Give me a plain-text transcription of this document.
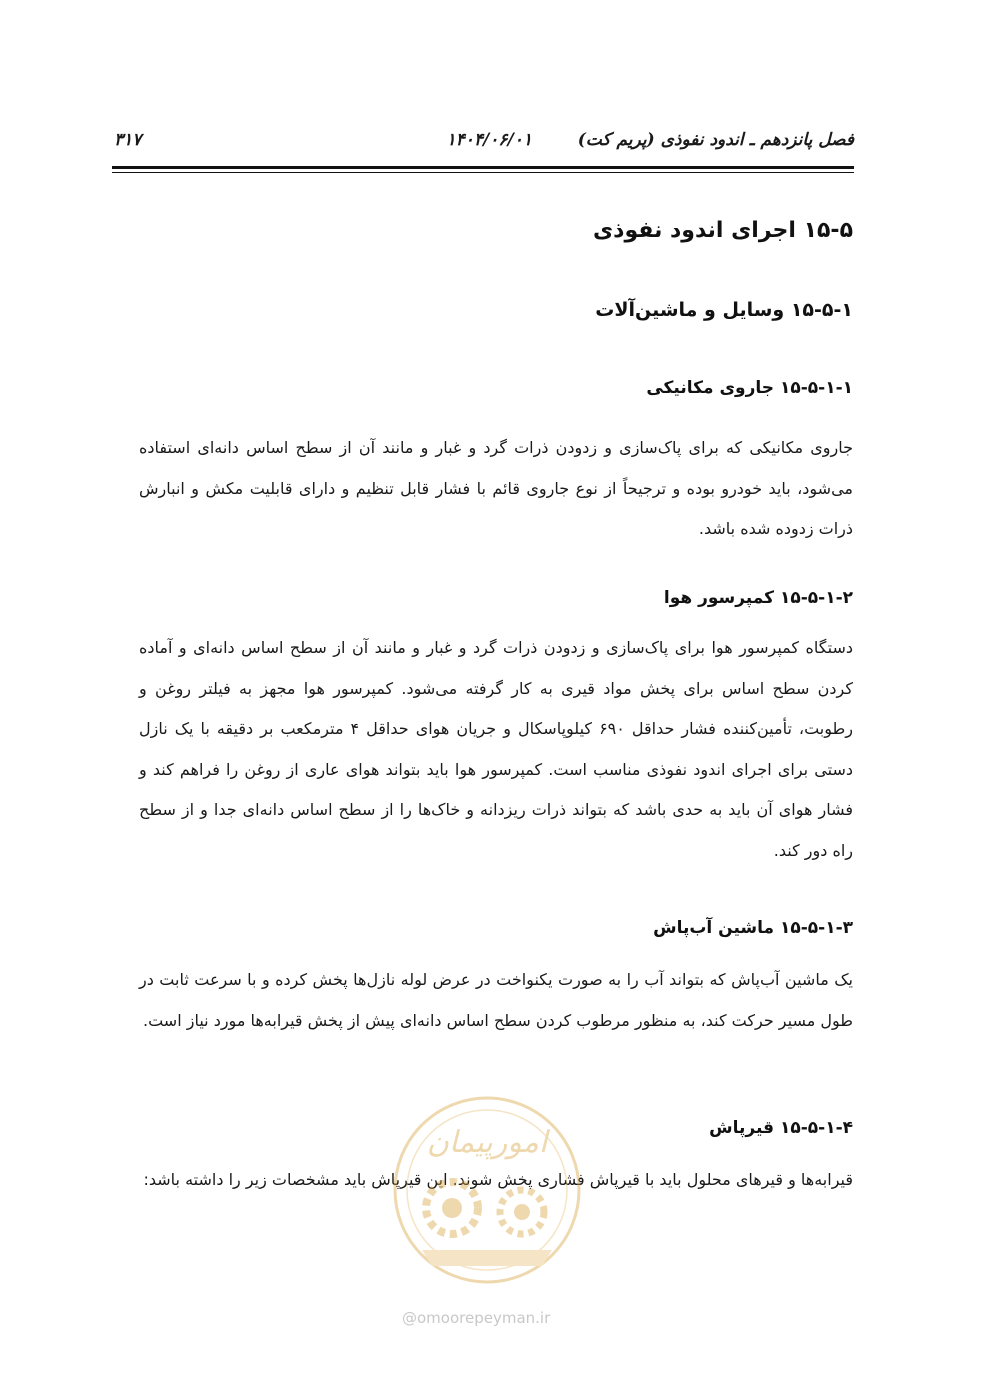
فصل پانزدهم ـ اندود نفوذی (پریم کت)
۱۴۰۴/۰۶/۰۱
۳۱۷
۱۵-۵ اجرای اندود نفوذی
۱۵-۵-۱ وسایل و ماشین‌آلات
۱۵-۵-۱-۱ جاروی مکانیکی
جاروی مکانیکی که برای پاک‌سازی و زدودن ذرات گرد و غبار و مانند آن از سطح اساس دانه‌ای استفاده می‌شود، باید خودرو بوده و ترجیحاً از نوع جاروی قائم با فشار قابل تنظیم و دارای قابلیت مکش و انبارش ذرات زدوده شده باشد.
۱۵-۵-۱-۲ کمپرسور هوا
دستگاه کمپرسور هوا برای پاک‌سازی و زدودن ذرات گرد و غبار و مانند آن از سطح اساس دانه‌ای و آماده کردن سطح اساس برای پخش مواد قیری به کار گرفته می‌شود. کمپرسور هوا مجهز به فیلتر روغن و رطوبت، تأمین‌کننده فشار حداقل ۶۹۰ کیلوپاسکال و جریان هوای حداقل ۴ مترمکعب بر دقیقه با یک نازل دستی برای اجرای اندود نفوذی مناسب است. کمپرسور هوا باید بتواند هوای عاری از روغن را فراهم کند و فشار هوای آن باید به حدی باشد که بتواند ذرات ریزدانه و خاک‌ها را از سطح اساس دانه‌ای جدا و از سطح راه دور کند.
۱۵-۵-۱-۳ ماشین آب‌پاش
یک ماشین آب‌پاش که بتواند آب را به صورت یکنواخت در عرض لوله نازل‌ها پخش کرده و با سرعت ثابت در طول مسیر حرکت کند، به منظور مرطوب کردن سطح اساس دانه‌ای پیش از پخش قیرابه‌ها مورد نیاز است.
۱۵-۵-۱-۴ قیرپاش
قیرابه‌ها و قیرهای محلول باید با قیرپاش فشاری پخش شوند. این قیرپاش باید مشخصات زیر را داشته باشد:
امورپیمان
@omoorepeyman.ir
